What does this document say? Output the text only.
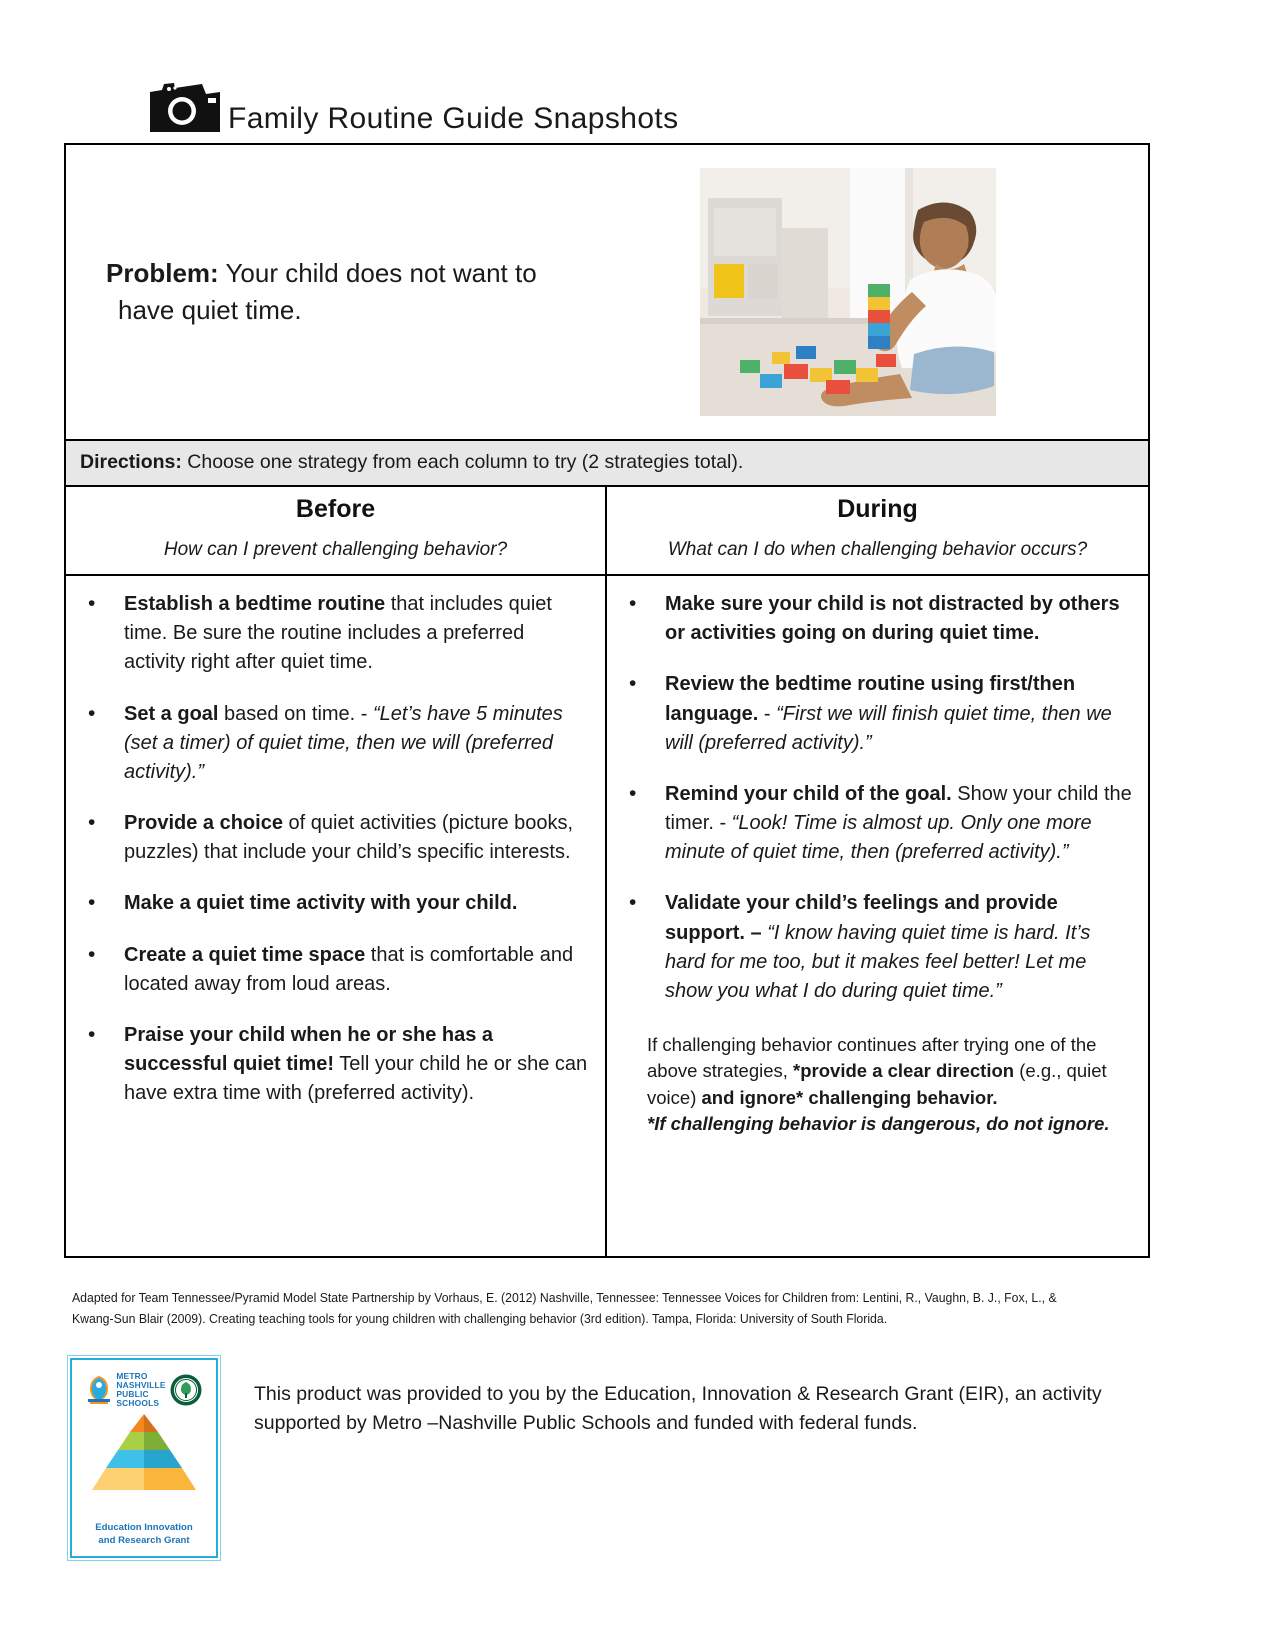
Family Routine Guide Snapshots
Problem: Your child does not want to have quiet time.
Directions: Choose one strategy from each column to try (2 strategies total).
Before
How can I prevent challenging behavior?
During
What can I do when challenging behavior occurs?
• Establish a bedtime routine that includes quiet time. Be sure the routine includes a preferred activity right after quiet time.
• Set a goal based on time. - “Let’s have 5 minutes (set a timer) of quiet time, then we will (preferred activity).”
• Provide a choice of quiet activities (picture books, puzzles) that include your child’s specific interests.
• Make a quiet time activity with your child.
• Create a quiet time space that is comfortable and located away from loud areas.
• Praise your child when he or she has a successful quiet time! Tell your child he or she can have extra time with (preferred activity).
• Make sure your child is not distracted by others or activities going on during quiet time.
• Review the bedtime routine using first/then language. - “First we will finish quiet time, then we will (preferred activity).”
• Remind your child of the goal. Show your child the timer. - “Look! Time is almost up. Only one more minute of quiet time, then (preferred activity).”
• Validate your child’s feelings and provide support. – “I know having quiet time is hard. It’s hard for me too, but it makes feel better! Let me show you what I do during quiet time.”
If challenging behavior continues after trying one of the above strategies, *provide a clear direction (e.g., quiet voice) and ignore* challenging behavior.
*If challenging behavior is dangerous, do not ignore.
Adapted for Team Tennessee/Pyramid Model State Partnership by Vorhaus, E. (2012) Nashville, Tennessee: Tennessee Voices for Children from: Lentini, R., Vaughn, B. J., Fox, L., & Kwang-Sun Blair (2009). Creating teaching tools for young children with challenging behavior (3rd edition). Tampa, Florida: University of South Florida.
METRO
NASHVILLE
PUBLIC
SCHOOLS
Education Innovation
and Research Grant
This product was provided to you by the Education, Innovation & Research Grant (EIR), an activity supported by Metro –Nashville Public Schools and funded with federal funds.
